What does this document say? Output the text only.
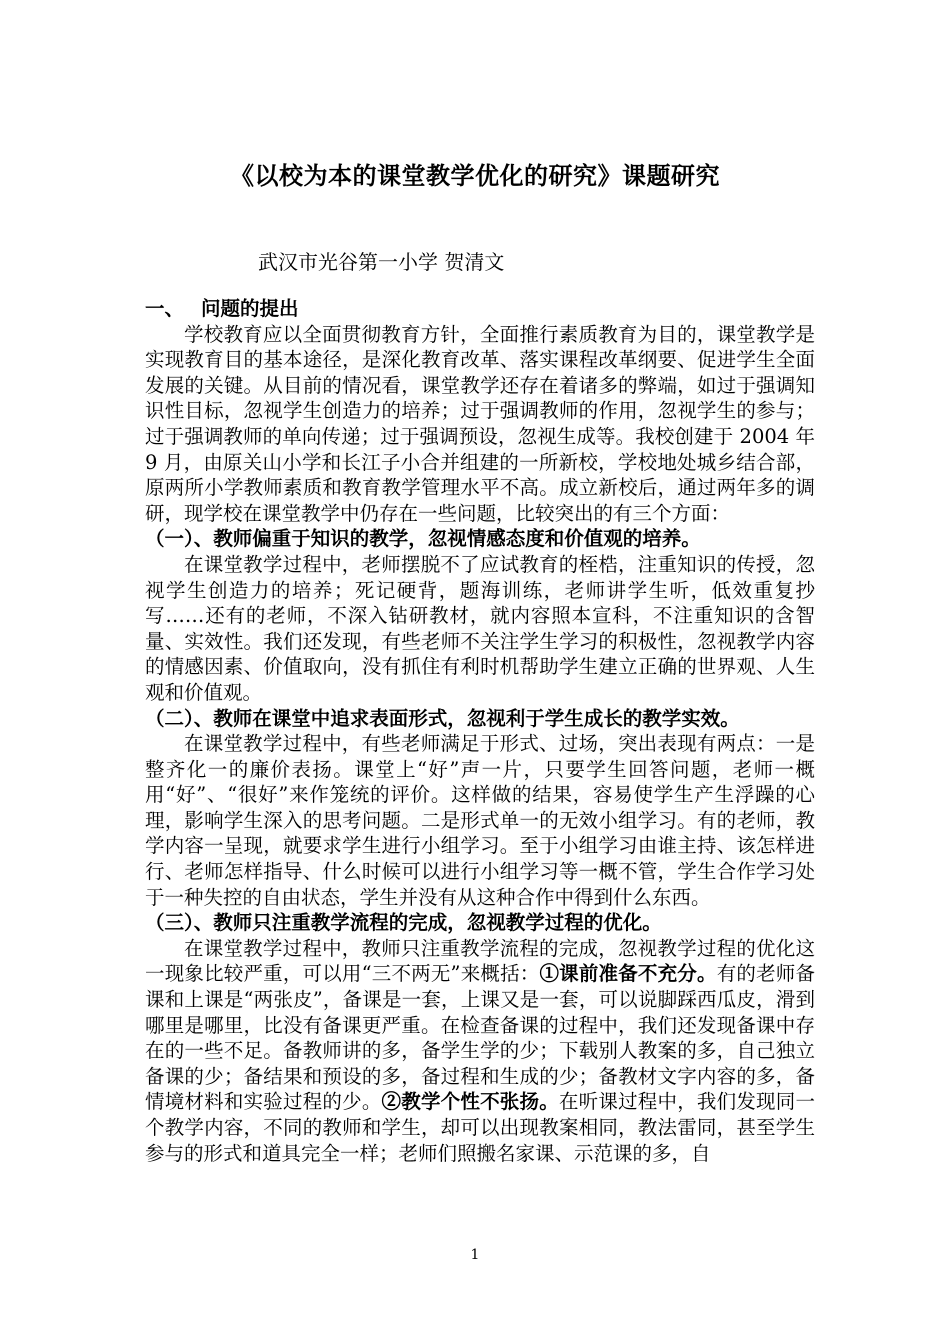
《以校为本的课堂教学优化的研究》课题研究
武汉市光谷第一小学 贺清文

一、 问题的提出

学校教育应以全面贯彻教育方针，全面推行素质教育为目的，课堂教学是实现教育目的基本途径，是深化教育改革、落实课程改革纲要、促进学生全面发展的关键。从目前的情况看，课堂教学还存在着诸多的弊端，如过于强调知识性目标，忽视学生创造力的培养；过于强调教师的作用，忽视学生的参与；过于强调教师的单向传递；过于强调预设，忽视生成等。我校创建于 2004 年 9 月，由原关山小学和长江子小合并组建的一所新校，学校地处城乡结合部，原两所小学教师素质和教育教学管理水平不高。成立新校后，通过两年多的调研，现学校在课堂教学中仍存在一些问题，比较突出的有三个方面：

（一）、教师偏重于知识的教学，忽视情感态度和价值观的培养。

在课堂教学过程中，老师摆脱不了应试教育的桎梏，注重知识的传授，忽视学生创造力的培养；死记硬背，题海训练，老师讲学生听，低效重复抄写……还有的老师，不深入钻研教材，就内容照本宣科，不注重知识的含智量、实效性。我们还发现，有些老师不关注学生学习的积极性，忽视教学内容的情感因素、价值取向，没有抓住有利时机帮助学生建立正确的世界观、人生观和价值观。

（二）、教师在课堂中追求表面形式，忽视利于学生成长的教学实效。

在课堂教学过程中，有些老师满足于形式、过场，突出表现有两点：一是整齐化一的廉价表扬。课堂上“好”声一片，只要学生回答问题，老师一概用“好”、“很好”来作笼统的评价。这样做的结果，容易使学生产生浮躁的心理，影响学生深入的思考问题。二是形式单一的无效小组学习。有的老师，教学内容一呈现，就要求学生进行小组学习。至于小组学习由谁主持、该怎样进行、老师怎样指导、什么时候可以进行小组学习等一概不管，学生合作学习处于一种失控的自由状态，学生并没有从这种合作中得到什么东西。

（三）、教师只注重教学流程的完成，忽视教学过程的优化。

在课堂教学过程中，教师只注重教学流程的完成，忽视教学过程的优化这一现象比较严重，可以用“三不两无”来概括：①课前准备不充分。有的老师备课和上课是“两张皮”，备课是一套，上课又是一套，可以说脚踩西瓜皮，滑到哪里是哪里，比没有备课更严重。在检查备课的过程中，我们还发现备课中存在的一些不足。备教师讲的多，备学生学的少；下载别人教案的多，自己独立备课的少；备结果和预设的多，备过程和生成的少；备教材文字内容的多，备情境材料和实验过程的少。②教学个性不张扬。在听课过程中，我们发现同一个教学内容，不同的教师和学生，却可以出现教案相同，教法雷同，甚至学生参与的形式和道具完全一样；老师们照搬名家课、示范课的多，自

1
